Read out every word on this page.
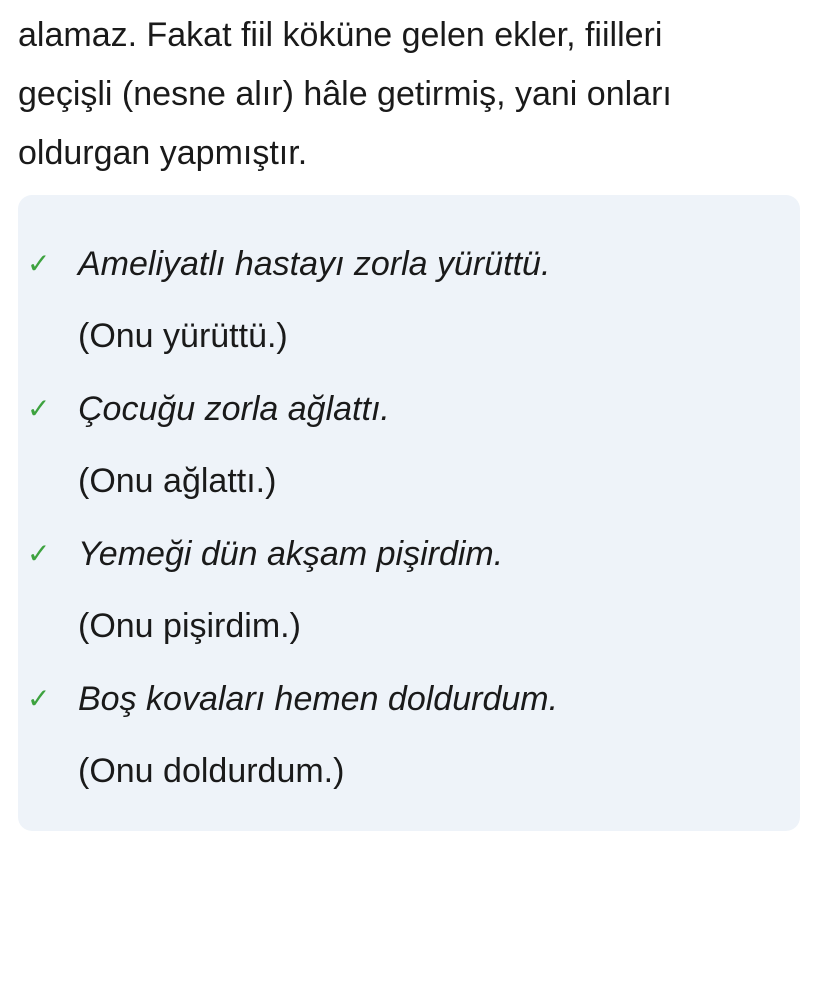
alamaz. Fakat fiil köküne gelen ekler, fiilleri
geçişli (nesne alır) hâle getirmiş, yani onları
oldurgan yapmıştır.

✓ Ameliyatlı hastayı zorla yürüttü.
(Onu yürüttü.)
✓ Çocuğu zorla ağlattı.
(Onu ağlattı.)
✓ Yemeği dün akşam pişirdim.
(Onu pişirdim.)
✓ Boş kovaları hemen doldurdum.
(Onu doldurdum.)
